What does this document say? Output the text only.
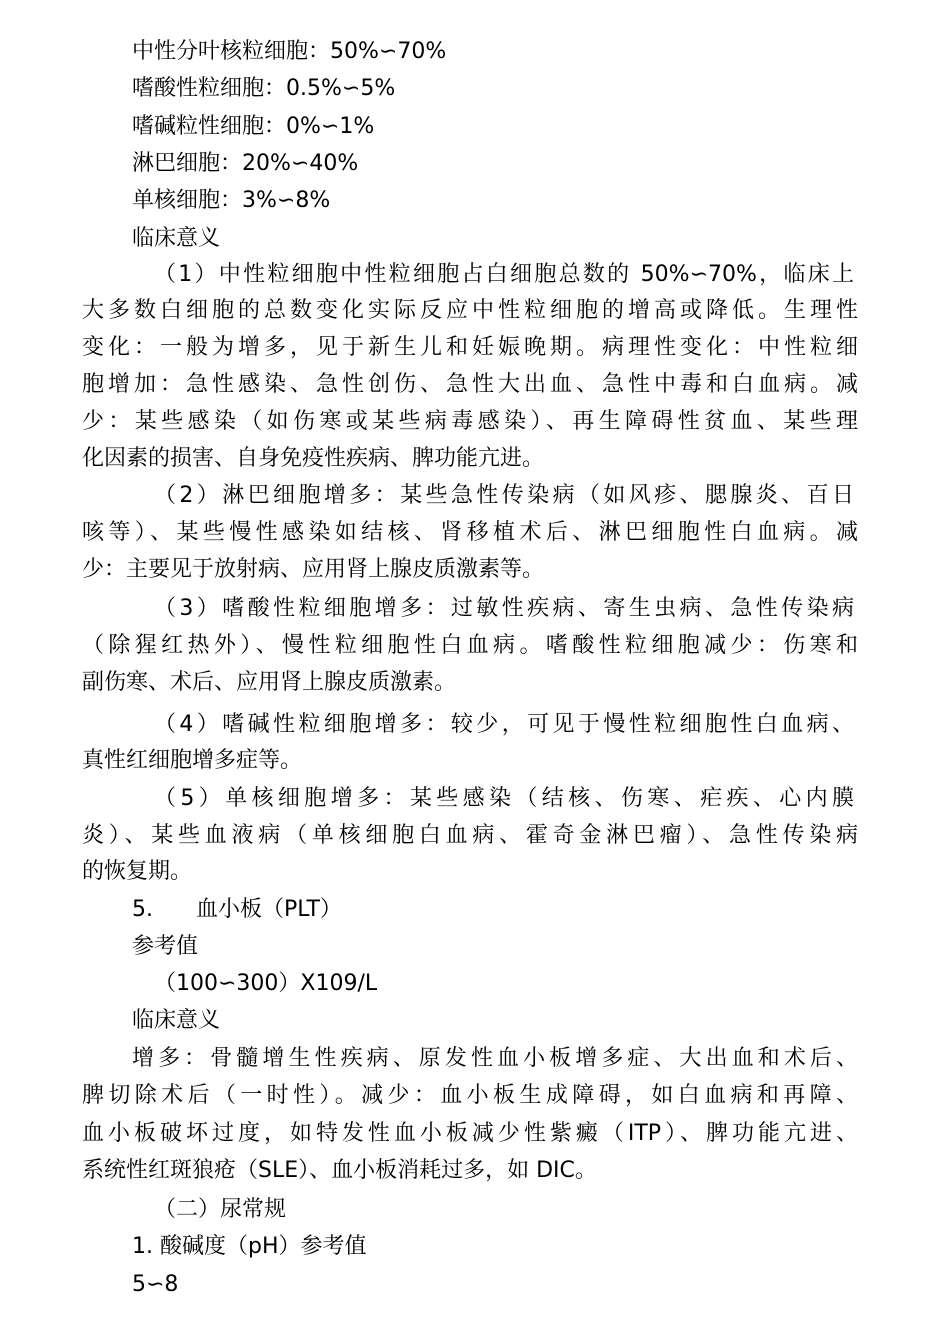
中性分叶核粒细胞：50%∽70%
嗜酸性粒细胞：0.5%∽5%
嗜碱粒性细胞：0%∽1%
淋巴细胞：20%∽40%
单核细胞：3%∽8%
临床意义
（1）中性粒细胞中性粒细胞占白细胞总数的 50%∽70%，临床上
大多数白细胞的总数变化实际反应中性粒细胞的增高或降低。生理性
变化：一般为增多，见于新生儿和妊娠晚期。病理性变化：中性粒细
胞增加：急性感染、急性创伤、急性大出血、急性中毒和白血病。减
少：某些感染（如伤寒或某些病毒感染）、再生障碍性贫血、某些理
化因素的损害、自身免疫性疾病、脾功能亢进。
（2）淋巴细胞增多：某些急性传染病（如风疹、腮腺炎、百日
咳等）、某些慢性感染如结核、肾移植术后、淋巴细胞性白血病。减
少：主要见于放射病、应用肾上腺皮质激素等。
（3）嗜酸性粒细胞增多：过敏性疾病、寄生虫病、急性传染病
（除猩红热外）、慢性粒细胞性白血病。嗜酸性粒细胞减少：伤寒和
副伤寒、术后、应用肾上腺皮质激素。
（4）嗜碱性粒细胞增多：较少，可见于慢性粒细胞性白血病、
真性红细胞增多症等。
（5）单核细胞增多：某些感染（结核、伤寒、疟疾、心内膜
炎）、某些血液病（单核细胞白血病、霍奇金淋巴瘤）、急性传染病
的恢复期。
5. 血小板（PLT）
参考值
（100∽300）X109/L
临床意义
增多：骨髓增生性疾病、原发性血小板增多症、大出血和术后、
脾切除术后（一时性）。减少：血小板生成障碍，如白血病和再障、
血小板破坏过度，如特发性血小板减少性紫癜（ITP）、脾功能亢进、
系统性红斑狼疮（SLE）、血小板消耗过多，如 DIC。
（二）尿常规
1. 酸碱度（pH）参考值
5∽8
